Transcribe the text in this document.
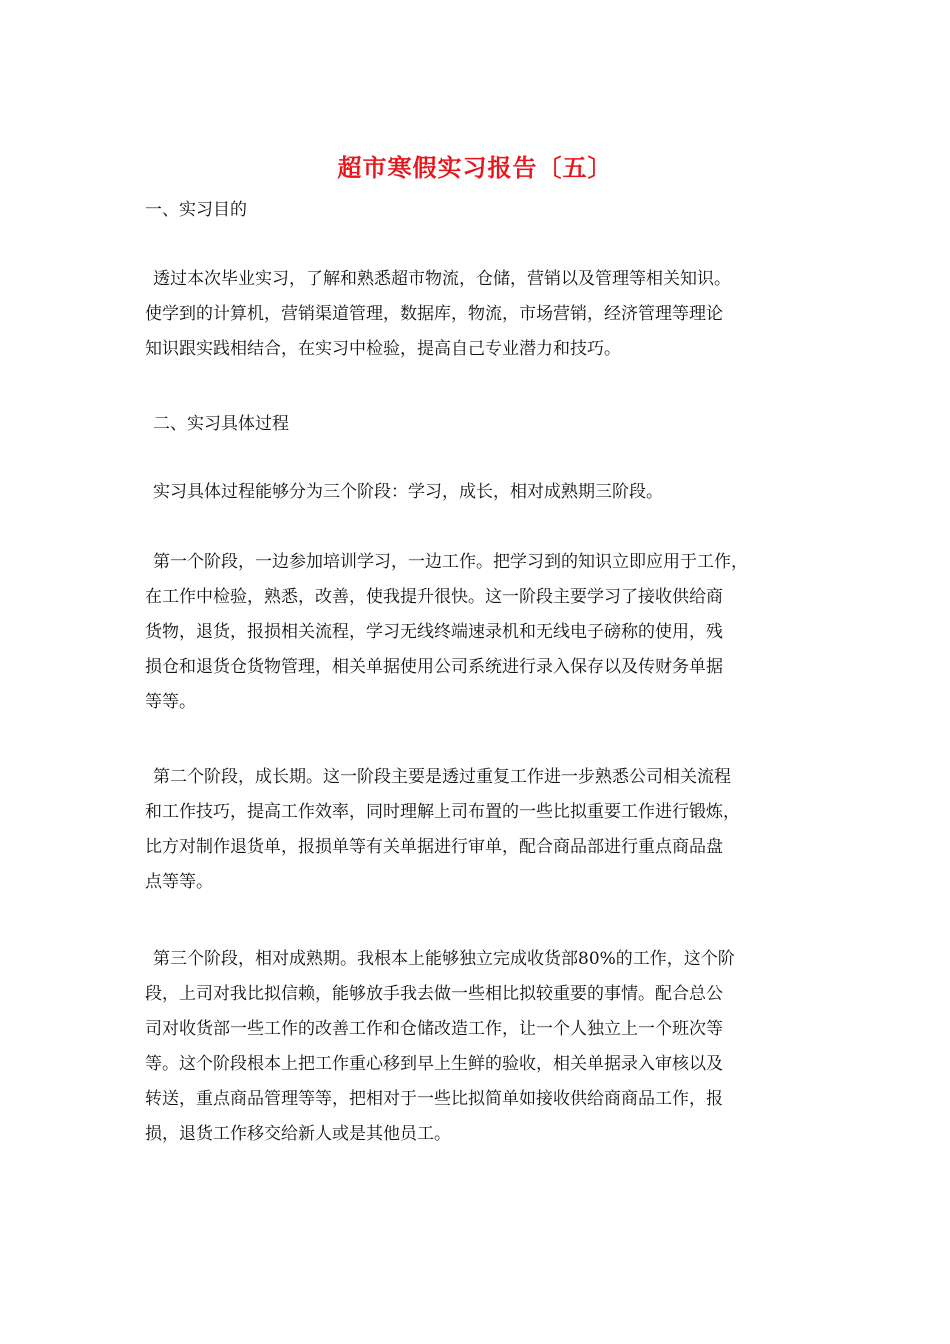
超市寒假实习报告〔五〕
一、实习目的
透过本次毕业实习，了解和熟悉超市物流，仓储，营销以及管理等相关知识。
使学到的计算机，营销渠道管理，数据库，物流，市场营销，经济管理等理论
知识跟实践相结合，在实习中检验，提高自己专业潜力和技巧。
二、实习具体过程
实习具体过程能够分为三个阶段：学习，成长，相对成熟期三阶段。
第一个阶段，一边参加培训学习，一边工作。把学习到的知识立即应用于工作，
在工作中检验，熟悉，改善，使我提升很快。这一阶段主要学习了接收供给商
货物，退货，报损相关流程，学习无线终端速录机和无线电子磅称的使用，残
损仓和退货仓货物管理，相关单据使用公司系统进行录入保存以及传财务单据
等等。
第二个阶段，成长期。这一阶段主要是透过重复工作进一步熟悉公司相关流程
和工作技巧，提高工作效率，同时理解上司布置的一些比拟重要工作进行锻炼，
比方对制作退货单，报损单等有关单据进行审单，配合商品部进行重点商品盘
点等等。
第三个阶段，相对成熟期。我根本上能够独立完成收货部80%的工作，这个阶
段，上司对我比拟信赖，能够放手我去做一些相比拟较重要的事情。配合总公
司对收货部一些工作的改善工作和仓储改造工作，让一个人独立上一个班次等
等。这个阶段根本上把工作重心移到早上生鲜的验收，相关单据录入审核以及
转送，重点商品管理等等，把相对于一些比拟简单如接收供给商商品工作，报
损，退货工作移交给新人或是其他员工。
